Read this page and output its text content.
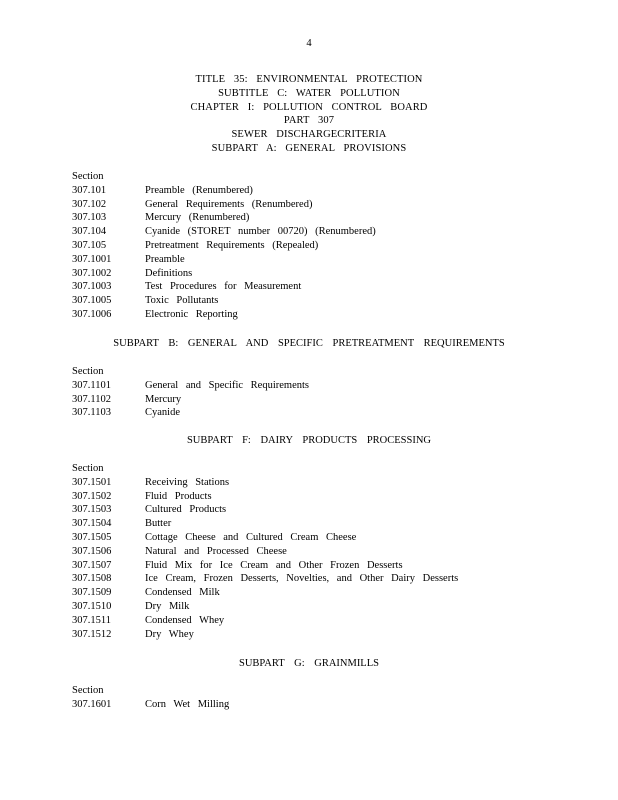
4
TITLE 35: ENVIRONMENTAL PROTECTION
SUBTITLE C: WATER POLLUTION
CHAPTER I: POLLUTION CONTROL BOARD
PART 307
SEWER DISCHARGECRITERIA
SUBPART A: GENERAL PROVISIONS
Section
307.101	Preamble (Renumbered)
307.102	General Requirements (Renumbered)
307.103	Mercury (Renumbered)
307.104	Cyanide (STORET number 00720) (Renumbered)
307.105	Pretreatment Requirements (Repealed)
307.1001	Preamble
307.1002	Definitions
307.1003	Test Procedures for Measurement
307.1005	Toxic Pollutants
307.1006	Electronic Reporting
SUBPART B: GENERAL AND SPECIFIC PRETREATMENT REQUIREMENTS
Section
307.1101	General and Specific Requirements
307.1102	Mercury
307.1103	Cyanide
SUBPART F: DAIRY PRODUCTS PROCESSING
Section
307.1501	Receiving Stations
307.1502	Fluid Products
307.1503	Cultured Products
307.1504	Butter
307.1505	Cottage Cheese and Cultured Cream Cheese
307.1506	Natural and Processed Cheese
307.1507	Fluid Mix for Ice Cream and Other Frozen Desserts
307.1508	Ice Cream, Frozen Desserts, Novelties, and Other Dairy Desserts
307.1509	Condensed Milk
307.1510	Dry Milk
307.1511	Condensed Whey
307.1512	Dry Whey
SUBPART G: GRAINMILLS
Section
307.1601	Corn Wet Milling
